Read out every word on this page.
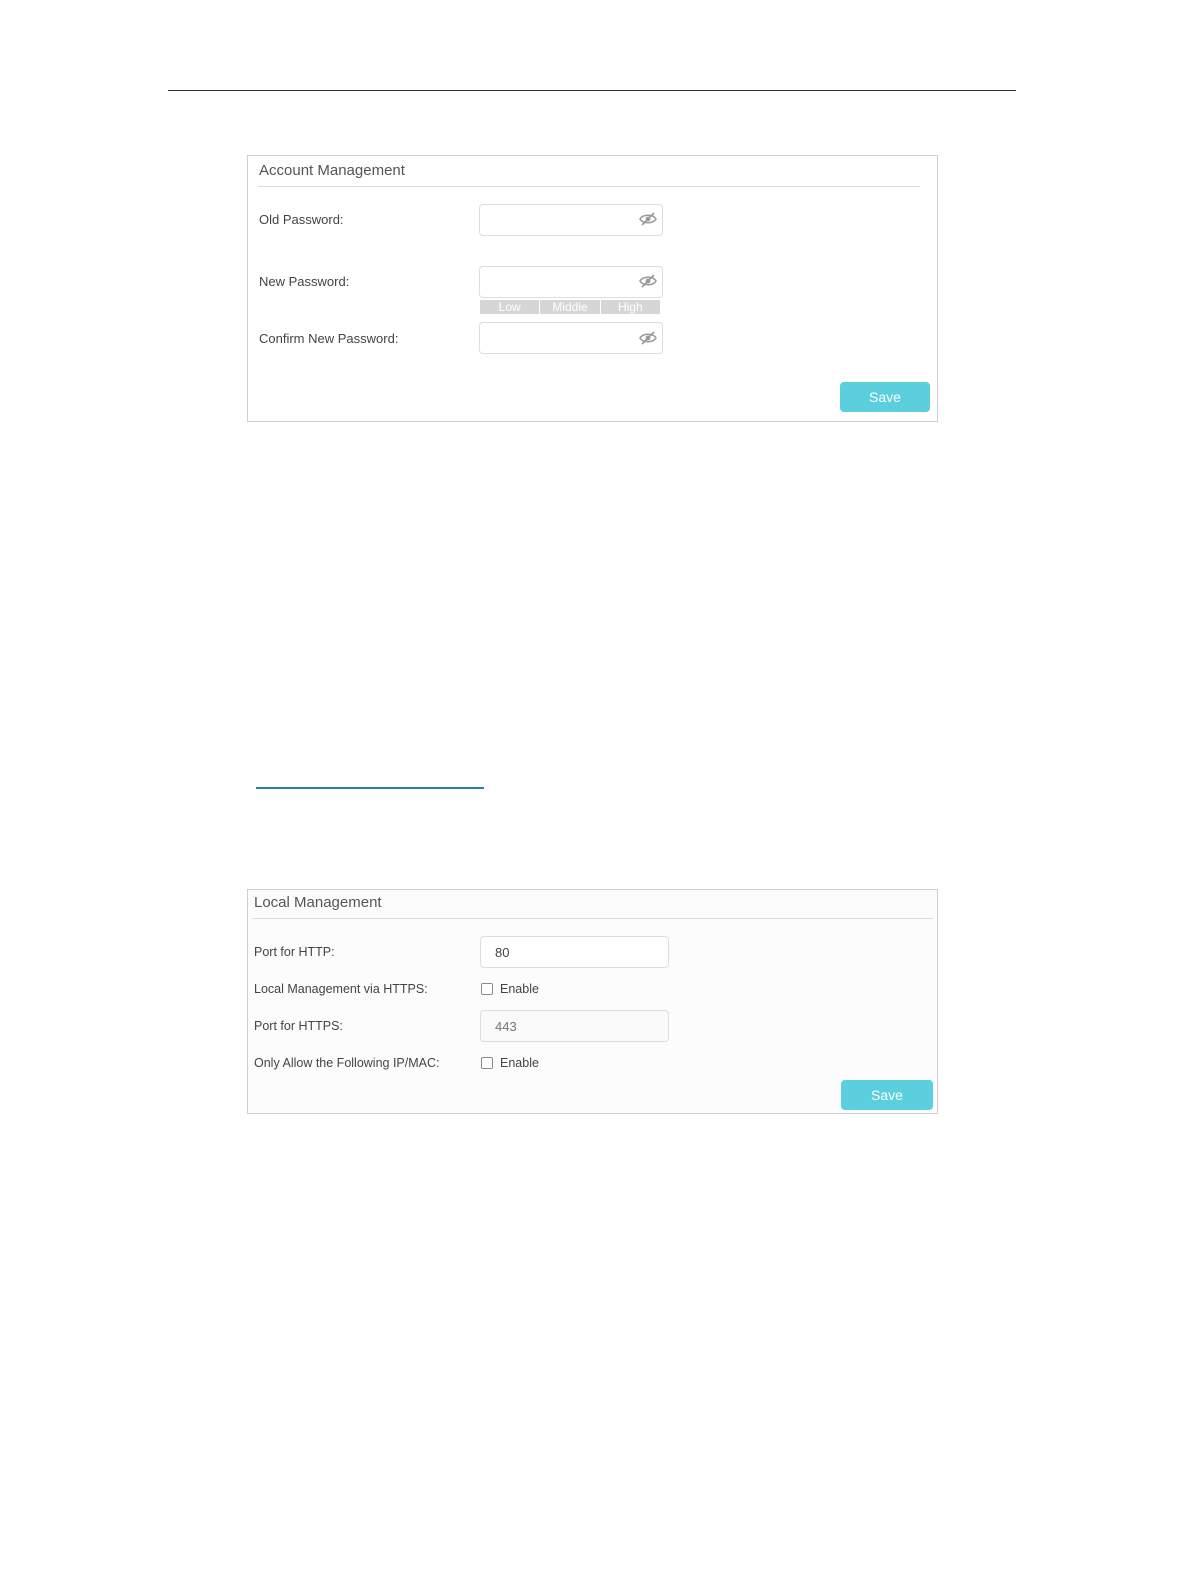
Account Management
Old Password:
New Password:
Low	Middle	High
Confirm New Password:
Save
Local Management
Port for HTTP:
80
Local Management via HTTPS:	Enable
Port for HTTPS:
443
Only Allow the Following IP/MAC:	Enable
Save
